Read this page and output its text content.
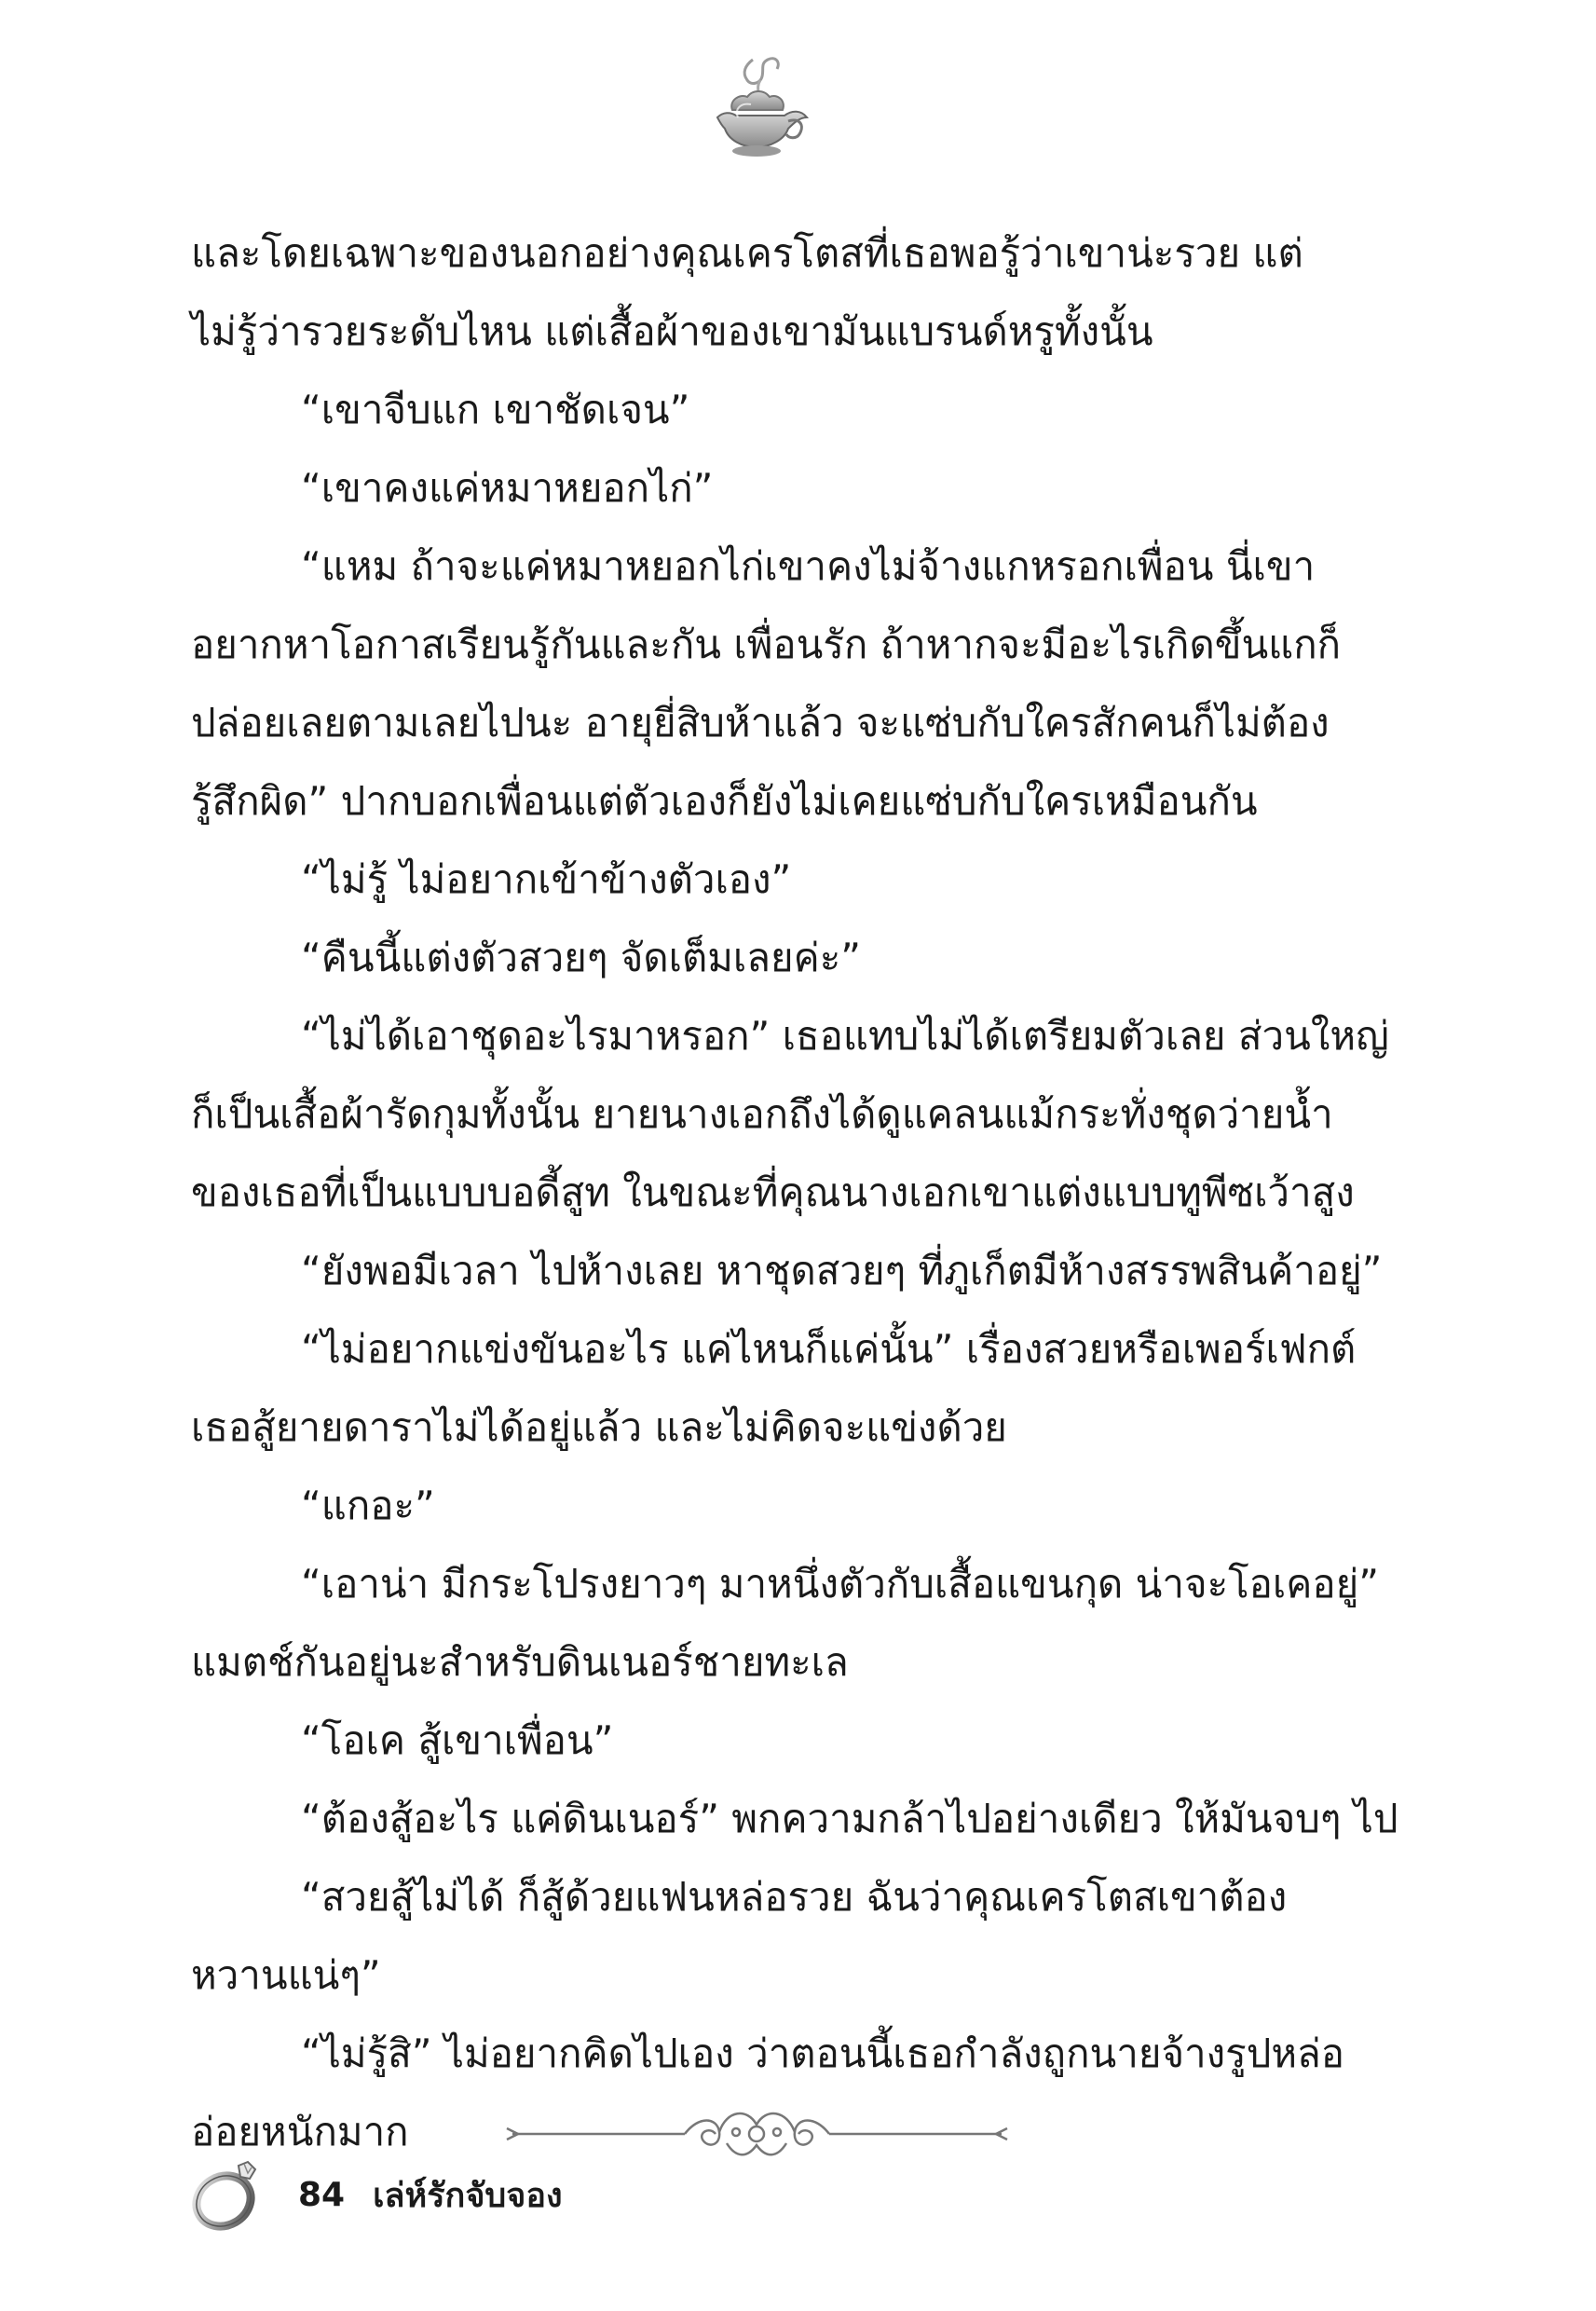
และโดยเฉพาะของนอกอย่างคุณเครโตสที่เธอพอรู้ว่าเขาน่ะรวย แต่

ไม่รู้ว่ารวยระดับไหน แต่เสื้อผ้าของเขามันแบรนด์หรูทั้งนั้น

“เขาจีบแก เขาชัดเจน”

“เขาคงแค่หมาหยอกไก่”

“แหม ถ้าจะแค่หมาหยอกไก่เขาคงไม่จ้างแกหรอกเพื่อน นี่เขา

อยากหาโอกาสเรียนรู้กันและกัน เพื่อนรัก ถ้าหากจะมีอะไรเกิดขึ้นแกก็

ปล่อยเลยตามเลยไปนะ อายุยี่สิบห้าแล้ว จะแซ่บกับใครสักคนก็ไม่ต้อง

รู้สึกผิด” ปากบอกเพื่อนแต่ตัวเองก็ยังไม่เคยแซ่บกับใครเหมือนกัน

“ไม่รู้ ไม่อยากเข้าข้างตัวเอง”

“คืนนี้แต่งตัวสวยๆ จัดเต็มเลยค่ะ”

“ไม่ได้เอาชุดอะไรมาหรอก” เธอแทบไม่ได้เตรียมตัวเลย ส่วนใหญ่

ก็เป็นเสื้อผ้ารัดกุมทั้งนั้น ยายนางเอกถึงได้ดูแคลนแม้กระทั่งชุดว่ายน้ำ

ของเธอที่เป็นแบบบอดี้สูท ในขณะที่คุณนางเอกเขาแต่งแบบทูพีซเว้าสูง

“ยังพอมีเวลา ไปห้างเลย หาชุดสวยๆ ที่ภูเก็ตมีห้างสรรพสินค้าอยู่”

“ไม่อยากแข่งขันอะไร แค่ไหนก็แค่นั้น” เรื่องสวยหรือเพอร์เฟกต์

เธอสู้ยายดาราไม่ได้อยู่แล้ว และไม่คิดจะแข่งด้วย

“แกอะ”

“เอาน่า มีกระโปรงยาวๆ มาหนึ่งตัวกับเสื้อแขนกุด น่าจะโอเคอยู่”

แมตช์กันอยู่นะสำหรับดินเนอร์ชายทะเล

“โอเค สู้เขาเพื่อน”

“ต้องสู้อะไร แค่ดินเนอร์” พกความกล้าไปอย่างเดียว ให้มันจบๆ ไป

“สวยสู้ไม่ได้ ก็สู้ด้วยแฟนหล่อรวย ฉันว่าคุณเครโตสเขาต้อง

หวานแน่ๆ”

“ไม่รู้สิ” ไม่อยากคิดไปเอง ว่าตอนนี้เธอกำลังถูกนายจ้างรูปหล่อ

อ่อยหนักมาก

84 เล่ห์รักจับจอง
